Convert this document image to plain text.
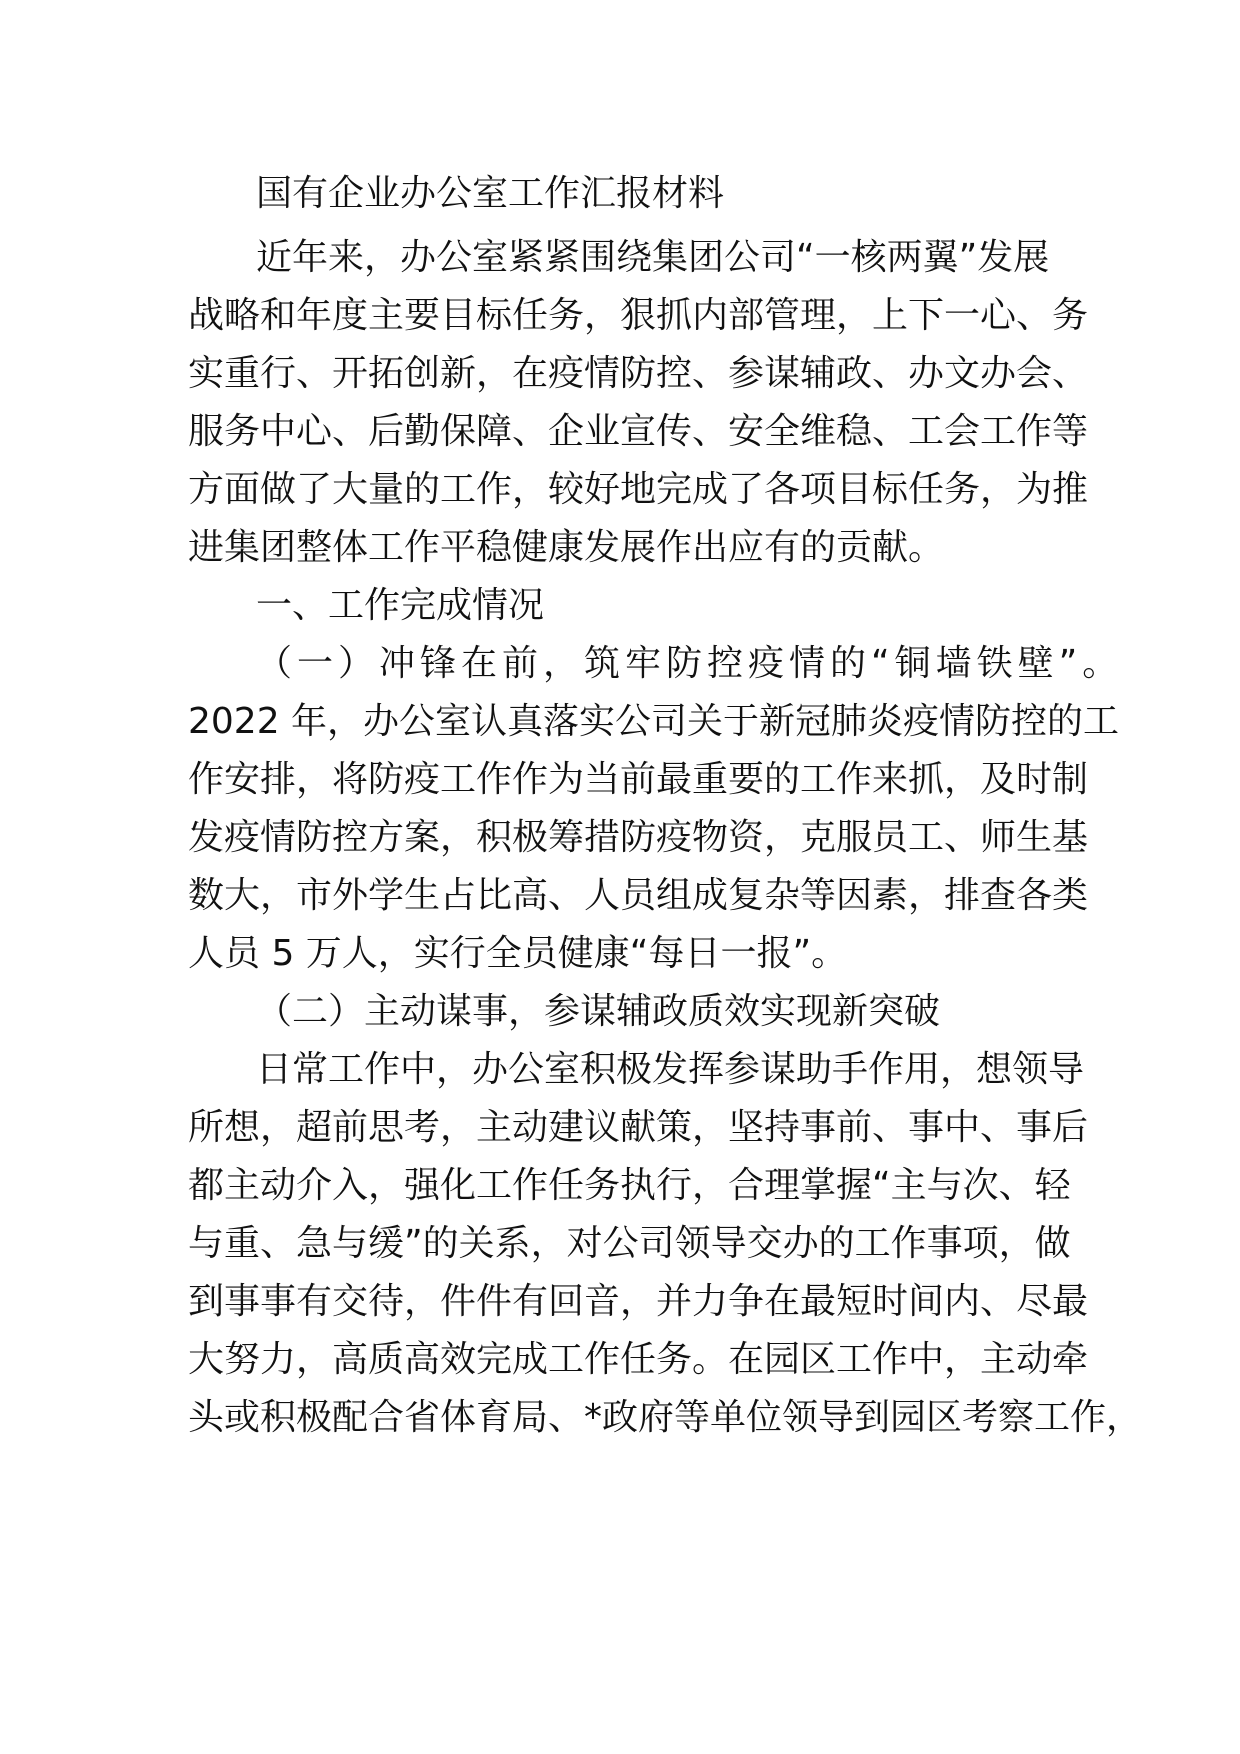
国有企业办公室工作汇报材料
近年来，办公室紧紧围绕集团公司“一核两翼”发展
战略和年度主要目标任务，狠抓内部管理，上下一心、务
实重行、开拓创新，在疫情防控、参谋辅政、办文办会、
服务中心、后勤保障、企业宣传、安全维稳、工会工作等
方面做了大量的工作，较好地完成了各项目标任务，为推
进集团整体工作平稳健康发展作出应有的贡献。
一、工作完成情况
（一）冲锋在前，筑牢防控疫情的“铜墙铁壁”。
2022 年，办公室认真落实公司关于新冠肺炎疫情防控的工
作安排，将防疫工作作为当前最重要的工作来抓，及时制
发疫情防控方案，积极筹措防疫物资，克服员工、师生基
数大，市外学生占比高、人员组成复杂等因素，排查各类
人员 5 万人，实行全员健康“每日一报”。
（二）主动谋事，参谋辅政质效实现新突破
日常工作中，办公室积极发挥参谋助手作用，想领导
所想，超前思考，主动建议献策，坚持事前、事中、事后
都主动介入，强化工作任务执行，合理掌握“主与次、轻
与重、急与缓”的关系，对公司领导交办的工作事项，做
到事事有交待，件件有回音，并力争在最短时间内、尽最
大努力，高质高效完成工作任务。在园区工作中，主动牵
头或积极配合省体育局、*政府等单位领导到园区考察工作，
